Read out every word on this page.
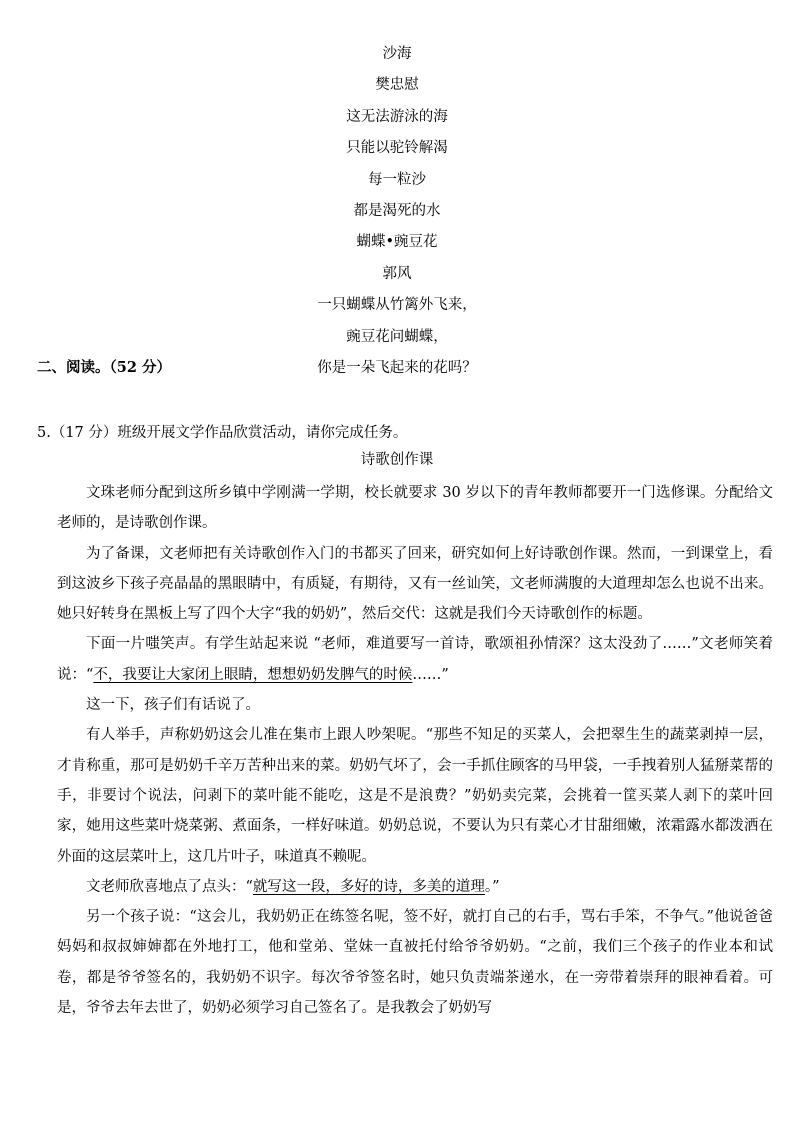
沙海

樊忠慰

这无法游泳的海

只能以驼铃解渴

每一粒沙

都是渴死的水

蝴蝶•豌豆花

郭风

一只蝴蝶从竹篱外飞来，

豌豆花问蝴蝶，

你是一朵飞起来的花吗？

二、阅读。（52 分）

5.（17 分）班级开展文学作品欣赏活动，请你完成任务。

诗歌创作课

文珠老师分配到这所乡镇中学刚满一学期，校长就要求 30 岁以下的青年教师都要开一门选修课。分配给文老师的，是诗歌创作课。

为了备课，文老师把有关诗歌创作入门的书都买了回来，研究如何上好诗歌创作课。然而，一到课堂上，看到这波乡下孩子亮晶晶的黑眼睛中，有质疑，有期待，又有一丝讪笑，文老师满腹的大道理却怎么也说不出来。她只好转身在黑板上写了四个大字“我的奶奶”，然后交代：这就是我们今天诗歌创作的标题。

下面一片嗤笑声。有学生站起来说 “老师，难道要写一首诗，歌颂祖孙情深？这太没劲了……”文老师笑着说：“不，我要让大家闭上眼睛，想想奶奶发脾气的时候……”

这一下，孩子们有话说了。

有人举手，声称奶奶这会儿准在集市上跟人吵架呢。“那些不知足的买菜人，会把翠生生的蔬菜剥掉一层，才肯称重，那可是奶奶千辛万苦种出来的菜。奶奶气坏了，会一手抓住顾客的马甲袋，一手拽着别人猛掰菜帮的手，非要讨个说法，问剥下的菜叶能不能吃，这是不是浪费？”奶奶卖完菜，会挑着一筐买菜人剥下的菜叶回家，她用这些菜叶烧菜粥、煮面条，一样好味道。奶奶总说，不要认为只有菜心才甘甜细嫩，浓霜露水都泼洒在外面的这层菜叶上，这几片叶子，味道真不赖呢。

文老师欣喜地点了点头：“就写这一段，多好的诗，多美的道理。”

另一个孩子说：“这会儿，我奶奶正在练签名呢，签不好，就打自己的右手，骂右手笨，不争气。”他说爸爸妈妈和叔叔婶婶都在外地打工，他和堂弟、堂妹一直被托付给爷爷奶奶。“之前，我们三个孩子的作业本和试卷，都是爷爷签名的，我奶奶不识字。每次爷爷签名时，她只负责端茶递水，在一旁带着崇拜的眼神看着。可是，爷爷去年去世了，奶奶必须学习自己签名了。是我教会了奶奶写
